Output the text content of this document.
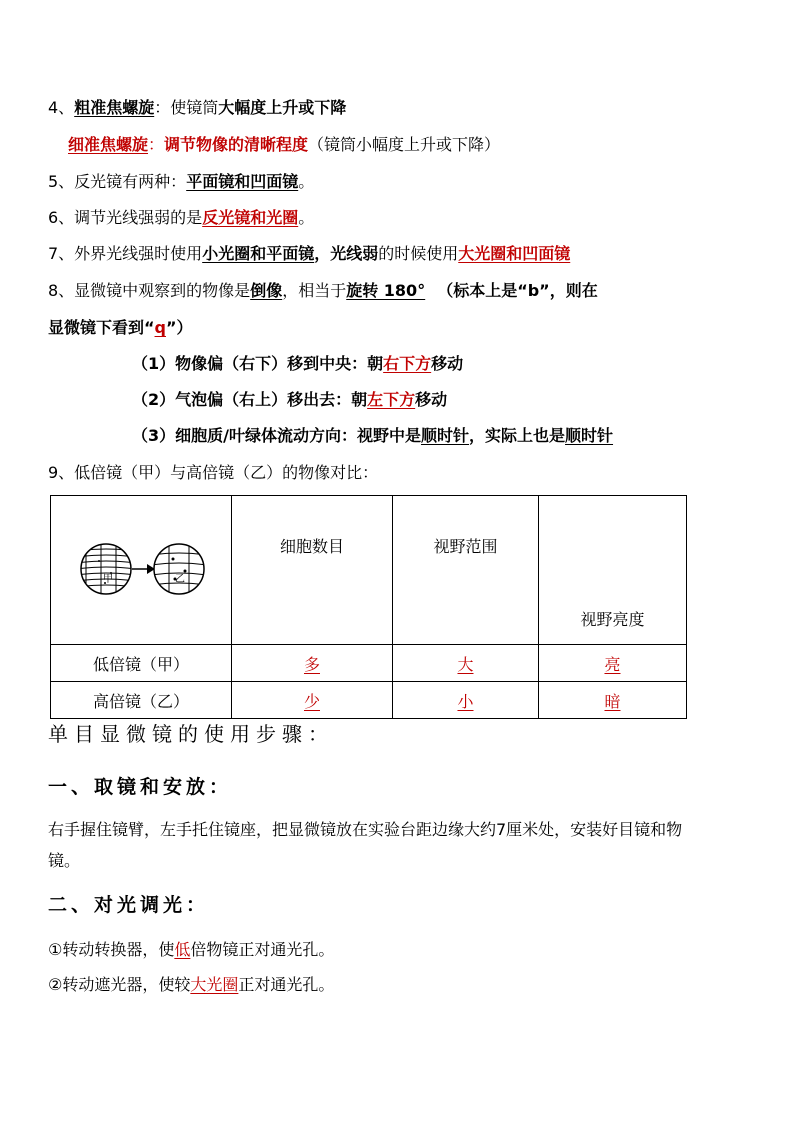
4、粗准焦螺旋：使镜筒大幅度上升或下降
细准焦螺旋：调节物像的清晰程度（镜筒小幅度上升或下降）
5、反光镜有两种：平面镜和凹面镜。
6、调节光线强弱的是反光镜和光圈。
7、外界光线强时使用小光圈和平面镜，光线弱的时候使用大光圈和凹面镜
8、显微镜中观察到的物像是倒像，相当于旋转 180° （标本上是“b”，则在
显微镜下看到“q”）
（1）物像偏（右下）移到中央：朝右下方移动
（2）气泡偏（右上）移出去：朝左下方移动
（3）细胞质/叶绿体流动方向：视野中是顺时针，实际上也是顺时针
9、低倍镜（甲）与高倍镜（乙）的物像对比：
甲 乙	细胞数目	视野范围	视野亮度
低倍镜（甲）	多	大	亮
高倍镜（乙）	少	小	暗
单目显微镜的使用步骤：
一、取镜和安放：
右手握住镜臂，左手托住镜座，把显微镜放在实验台距边缘大约7厘米处，安装好目镜和物镜。
二、对光调光：
①转动转换器，使低倍物镜正对通光孔。
②转动遮光器，使较大光圈正对通光孔。
